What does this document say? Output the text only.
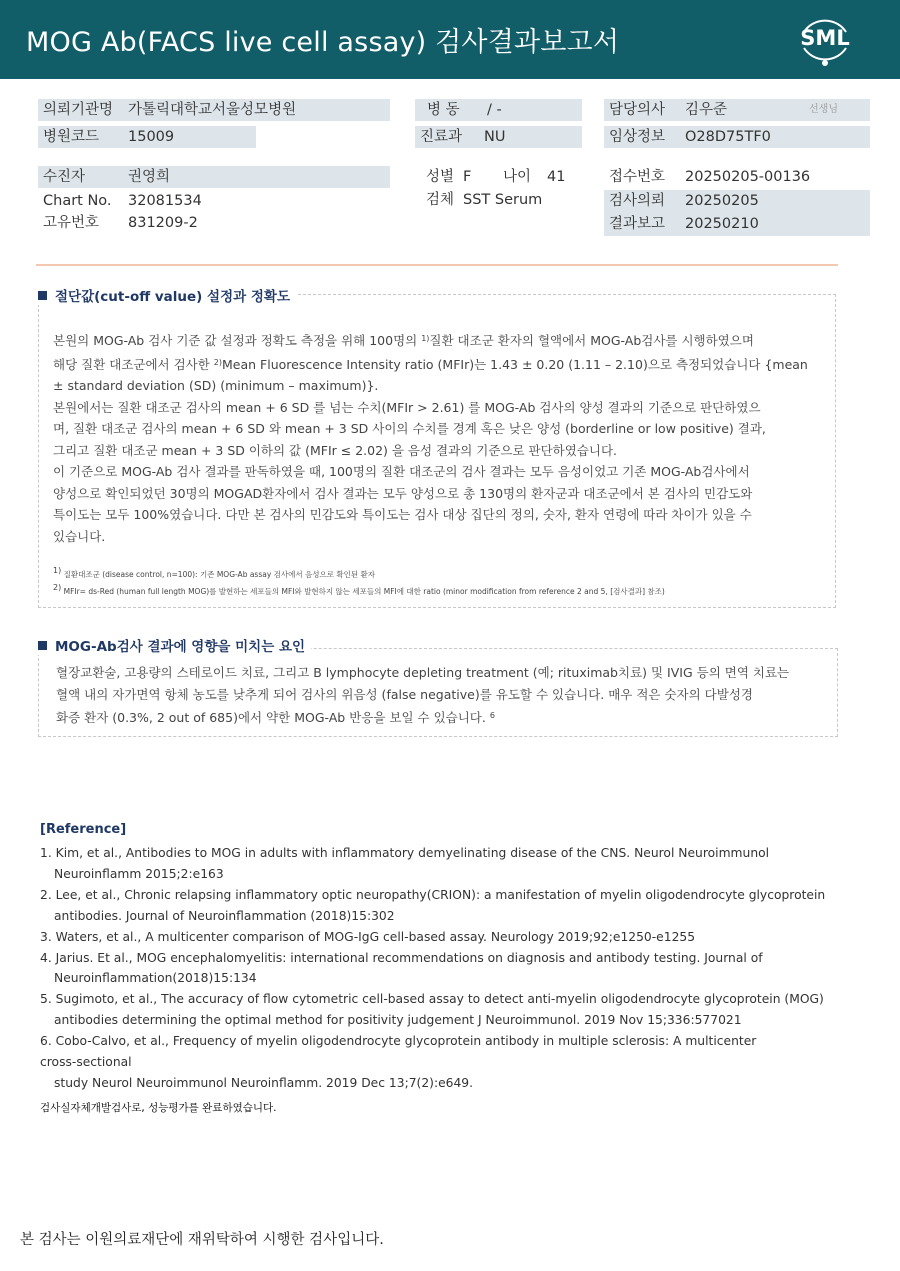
MOG Ab(FACS live cell assay) 검사결과보고서	SML
의뢰기관명 가톨릭대학교서울성모병원
병원코드 15009
수진자	권영희
Chart No. 32081534
고유번호 831209-2
병 동 / -
진료과 NU
성별 F 나이 41
검체 SST Serum
담당의사 김우준	선생님
임상정보 O28D75TF0
접수번호 20250205-00136
검사의뢰 20250205
결과보고 20250210
절단값(cut-off value) 설정과 정확도

본원의 MOG-Ab 검사 기준 값 설정과 정확도 측정을 위해 100명의 $^{1)}$질환 대조군 환자의 혈액에서 MOG-Ab검사를 시행하였으며

해당 질환 대조군에서 검사한 $^{2)}$Mean Fluorescence Intensity ratio (MFIr)는 1.43 ± 0.20 (1.11 – 2.10)으로 측정되었습니다 {mean

± standard deviation (SD) (minimum – maximum)}.

본원에서는 질환 대조군 검사의 mean + 6 SD 를 넘는 수치(MFIr > 2.61) 를 MOG-Ab 검사의 양성 결과의 기준으로 판단하였으

며, 질환 대조군 검사의 mean + 6 SD 와 mean + 3 SD 사이의 수치를 경계 혹은 낮은 양성 (borderline or low positive) 결과,

그리고 질환 대조군 mean + 3 SD 이하의 값 (MFIr ≤ 2.02) 을 음성 결과의 기준으로 판단하였습니다.

이 기준으로 MOG-Ab 검사 결과를 판독하였을 때, 100명의 질환 대조군의 검사 결과는 모두 음성이었고 기존 MOG-Ab검사에서

양성으로 확인되었던 30명의 MOGAD환자에서 검사 결과는 모두 양성으로 총 130명의 환자군과 대조군에서 본 검사의 민감도와

특이도는 모두 100%였습니다. 다만 본 검사의 민감도와 특이도는 검사 대상 집단의 정의, 숫자, 환자 연령에 따라 차이가 있을 수

있습니다.

$^{1)}$ 질환대조군 (disease control, n=100): 기존 MOG-Ab assay 검사에서 음성으로 확인된 환자

$^{2)}$ MFIr= ds-Red (human full length MOG)를 발현하는 세포들의 MFI와 발현하지 않는 세포들의 MFI에 대한 ratio (minor modification from reference 2 and 5, [검사결과] 참조)

MOG-Ab검사 결과에 영향을 미치는 요인

혈장교환술, 고용량의 스테로이드 치료, 그리고 B lymphocyte depleting treatment (예; rituximab치료) 및 IVIG 등의 면역 치료는

혈액 내의 자가면역 항체 농도를 낮추게 되어 검사의 위음성 (false negative)를 유도할 수 있습니다. 매우 적은 숫자의 다발성경

화증 환자 (0.3%, 2 out of 685)에서 약한 MOG-Ab 반응을 보일 수 있습니다. $^6$

[Reference]

1. Kim, et al., Antibodies to MOG in adults with inflammatory demyelinating disease of the CNS. Neurol Neuroimmunol

Neuroinflamm 2015;2:e163

2. Lee, et al., Chronic relapsing inflammatory optic neuropathy(CRION): a manifestation of myelin oligodendrocyte glycoprotein

antibodies. Journal of Neuroinflammation (2018)15:302

3. Waters, et al., A multicenter comparison of MOG-IgG cell-based assay. Neurology 2019;92;e1250-e1255

4. Jarius. Et al., MOG encephalomyelitis: international recommendations on diagnosis and antibody testing. Journal of

Neuroinflammation(2018)15:134

5. Sugimoto, et al., The accuracy of flow cytometric cell-based assay to detect anti-myelin oligodendrocyte glycoprotein (MOG)

antibodies determining the optimal method for positivity judgement J Neuroimmunol. 2019 Nov 15;336:577021

6. Cobo-Calvo, et al., Frequency of myelin oligodendrocyte glycoprotein antibody in multiple sclerosis: A multicenter

cross-sectional

study Neurol Neuroimmunol Neuroinflamm. 2019 Dec 13;7(2):e649.

검사실자체개발검사로, 성능평가를 완료하였습니다.
본 검사는 이원의료재단에 재위탁하여 시행한 검사입니다.
